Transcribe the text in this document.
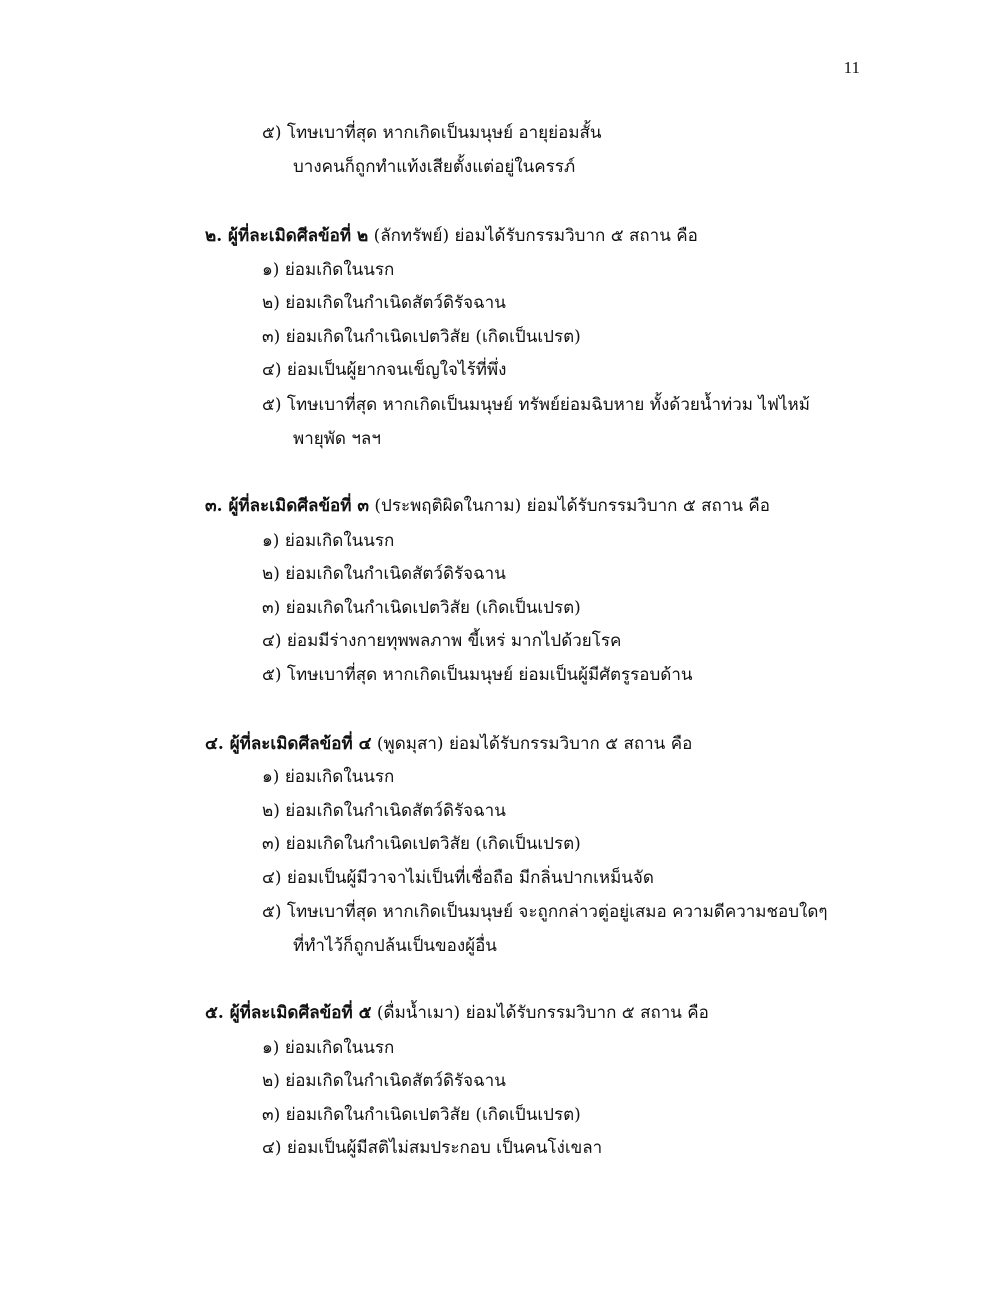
11
๕) โทษเบาที่สุด หากเกิดเป็นมนุษย์ อายุย่อมสั้น
บางคนก็ถูกทำแท้งเสียตั้งแต่อยู่ในครรภ์
๒. ผู้ที่ละเมิดศีลข้อที่ ๒ (ลักทรัพย์) ย่อมได้รับกรรมวิบาก ๕ สถาน คือ
๑) ย่อมเกิดในนรก
๒) ย่อมเกิดในกำเนิดสัตว์ดิรัจฉาน
๓) ย่อมเกิดในกำเนิดเปตวิสัย (เกิดเป็นเปรต)
๔) ย่อมเป็นผู้ยากจนเข็ญใจไร้ที่พึ่ง
๕) โทษเบาที่สุด หากเกิดเป็นมนุษย์ ทรัพย์ย่อมฉิบหาย ทั้งด้วยน้ำท่วม ไฟไหม้
พายุพัด ฯลฯ
๓. ผู้ที่ละเมิดศีลข้อที่ ๓ (ประพฤติผิดในกาม) ย่อมได้รับกรรมวิบาก ๕ สถาน คือ
๑) ย่อมเกิดในนรก
๒) ย่อมเกิดในกำเนิดสัตว์ดิรัจฉาน
๓) ย่อมเกิดในกำเนิดเปตวิสัย (เกิดเป็นเปรต)
๔) ย่อมมีร่างกายทุพพลภาพ ขี้เหร่ มากไปด้วยโรค
๕) โทษเบาที่สุด หากเกิดเป็นมนุษย์ ย่อมเป็นผู้มีศัตรูรอบด้าน
๔. ผู้ที่ละเมิดศีลข้อที่ ๔ (พูดมุสา) ย่อมได้รับกรรมวิบาก ๕ สถาน คือ
๑) ย่อมเกิดในนรก
๒) ย่อมเกิดในกำเนิดสัตว์ดิรัจฉาน
๓) ย่อมเกิดในกำเนิดเปตวิสัย (เกิดเป็นเปรต)
๔) ย่อมเป็นผู้มีวาจาไม่เป็นที่เชื่อถือ มีกลิ่นปากเหม็นจัด
๕) โทษเบาที่สุด หากเกิดเป็นมนุษย์ จะถูกกล่าวตู่อยู่เสมอ ความดีความชอบใดๆ
ที่ทำไว้ก็ถูกปล้นเป็นของผู้อื่น
๕. ผู้ที่ละเมิดศีลข้อที่ ๕ (ดื่มน้ำเมา) ย่อมได้รับกรรมวิบาก ๕ สถาน คือ
๑) ย่อมเกิดในนรก
๒) ย่อมเกิดในกำเนิดสัตว์ดิรัจฉาน
๓) ย่อมเกิดในกำเนิดเปตวิสัย (เกิดเป็นเปรต)
๔) ย่อมเป็นผู้มีสติไม่สมประกอบ เป็นคนโง่เขลา
